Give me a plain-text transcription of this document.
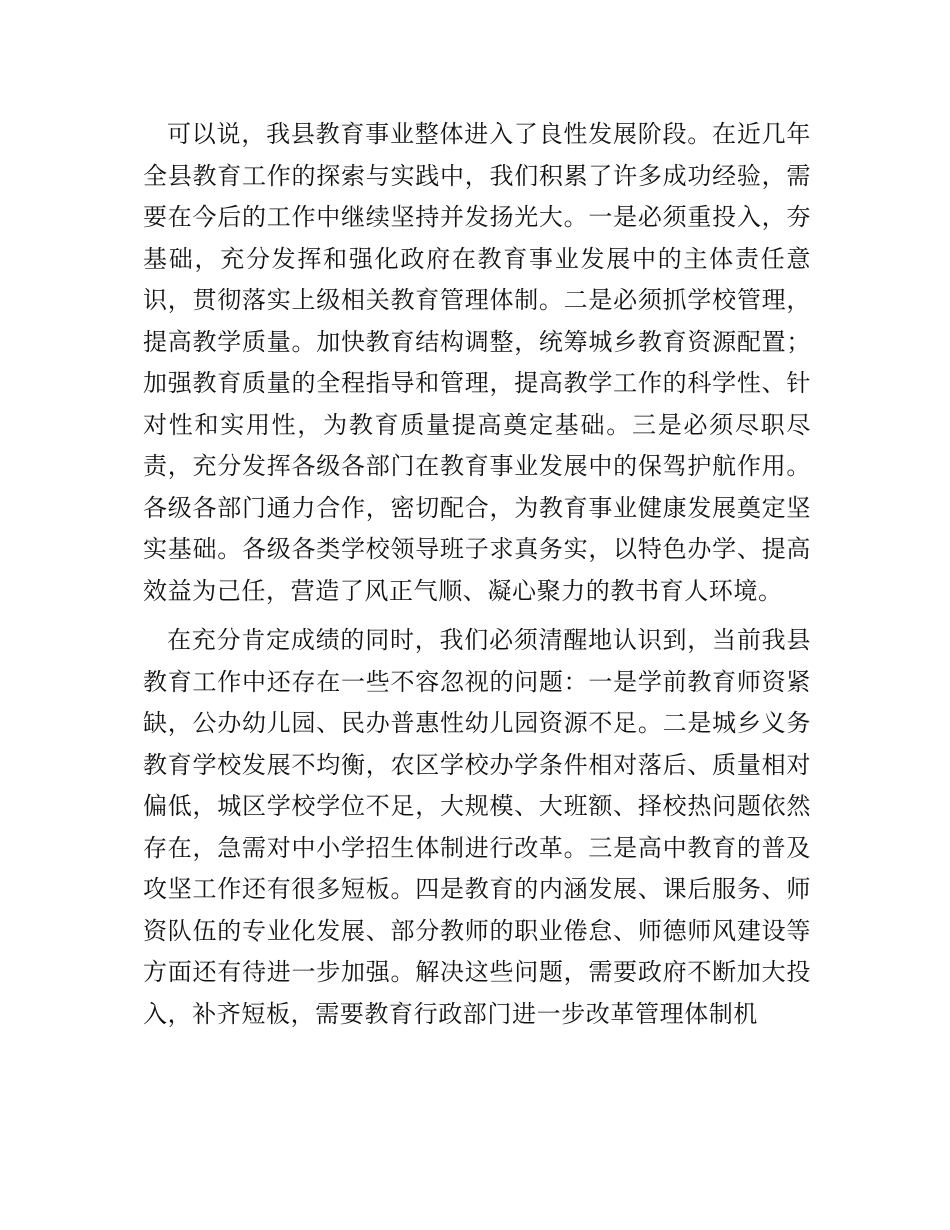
可以说，我县教育事业整体进入了良性发展阶段。在近几年全县教育工作的探索与实践中，我们积累了许多成功经验，需要在今后的工作中继续坚持并发扬光大。一是必须重投入，夯基础，充分发挥和强化政府在教育事业发展中的主体责任意识，贯彻落实上级相关教育管理体制。二是必须抓学校管理，提高教学质量。加快教育结构调整，统筹城乡教育资源配置；加强教育质量的全程指导和管理，提高教学工作的科学性、针对性和实用性，为教育质量提高奠定基础。三是必须尽职尽责，充分发挥各级各部门在教育事业发展中的保驾护航作用。各级各部门通力合作，密切配合，为教育事业健康发展奠定坚实基础。各级各类学校领导班子求真务实，以特色办学、提高效益为己任，营造了风正气顺、凝心聚力的教书育人环境。

在充分肯定成绩的同时，我们必须清醒地认识到，当前我县教育工作中还存在一些不容忽视的问题：一是学前教育师资紧缺，公办幼儿园、民办普惠性幼儿园资源不足。二是城乡义务教育学校发展不均衡，农区学校办学条件相对落后、质量相对偏低，城区学校学位不足，大规模、大班额、择校热问题依然存在，急需对中小学招生体制进行改革。三是高中教育的普及攻坚工作还有很多短板。四是教育的内涵发展、课后服务、师资队伍的专业化发展、部分教师的职业倦怠、师德师风建设等方面还有待进一步加强。解决这些问题，需要政府不断加大投入，补齐短板，需要教育行政部门进一步改革管理体制机
